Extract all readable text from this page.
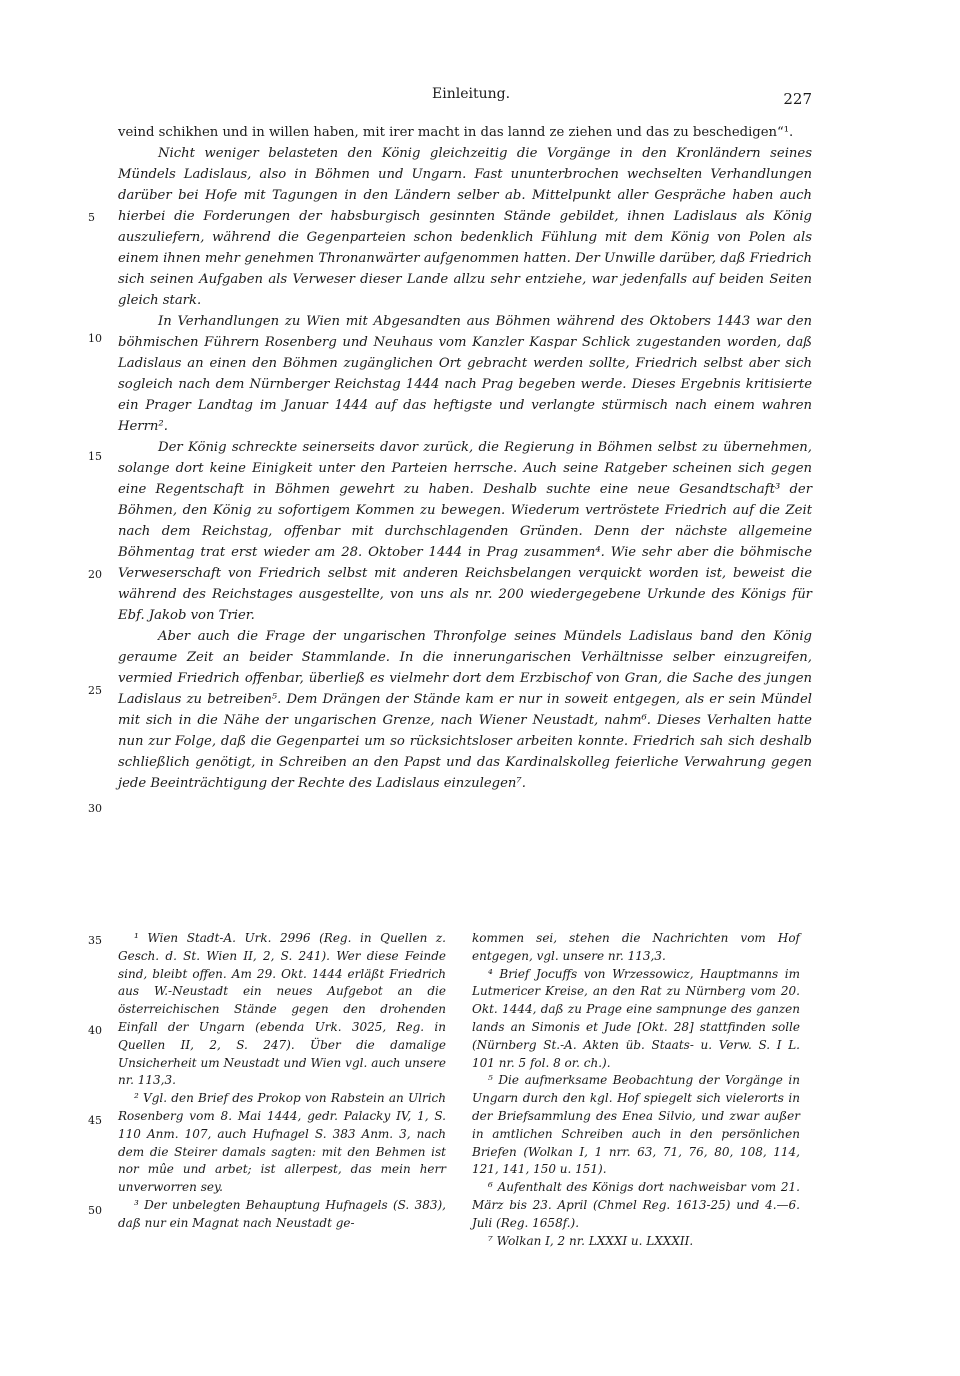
Einleitung.	227
5
10
15
20
25
30

veind schikhen und in willen haben, mit irer macht in das lannd ze ziehen und das zu beschedigen“¹.

Nicht weniger belasteten den König gleichzeitig die Vorgänge in den Kronländern seines Mündels Ladislaus, also in Böhmen und Ungarn. Fast ununterbrochen wechselten Verhandlungen darüber bei Hofe mit Tagungen in den Ländern selber ab. Mittelpunkt aller Gespräche haben auch hierbei die Forderungen der habsburgisch gesinnten Stände gebildet, ihnen Ladislaus als König auszuliefern, während die Gegenparteien schon bedenklich Fühlung mit dem König von Polen als einem ihnen mehr genehmen Thronanwärter aufgenommen hatten. Der Unwille darüber, daß Friedrich sich seinen Aufgaben als Verweser dieser Lande allzu sehr entziehe, war jedenfalls auf beiden Seiten gleich stark.

In Verhandlungen zu Wien mit Abgesandten aus Böhmen während des Oktobers 1443 war den böhmischen Führern Rosenberg und Neuhaus vom Kanzler Kaspar Schlick zugestanden worden, daß Ladislaus an einen den Böhmen zugänglichen Ort gebracht werden sollte, Friedrich selbst aber sich sogleich nach dem Nürnberger Reichstag 1444 nach Prag begeben werde. Dieses Ergebnis kritisierte ein Prager Landtag im Januar 1444 auf das heftigste und verlangte stürmisch nach einem wahren Herrn².

Der König schreckte seinerseits davor zurück, die Regierung in Böhmen selbst zu übernehmen, solange dort keine Einigkeit unter den Parteien herrsche. Auch seine Ratgeber scheinen sich gegen eine Regentschaft in Böhmen gewehrt zu haben. Deshalb suchte eine neue Gesandtschaft³ der Böhmen, den König zu sofortigem Kommen zu bewegen. Wiederum vertröstete Friedrich auf die Zeit nach dem Reichstag, offenbar mit durchschlagenden Gründen. Denn der nächste allgemeine Böhmentag trat erst wieder am 28. Oktober 1444 in Prag zusammen⁴. Wie sehr aber die böhmische Verweserschaft von Friedrich selbst mit anderen Reichsbelangen verquickt worden ist, beweist die während des Reichstages ausgestellte, von uns als nr. 200 wiedergegebene Urkunde des Königs für Ebf. Jakob von Trier.

Aber auch die Frage der ungarischen Thronfolge seines Mündels Ladislaus band den König geraume Zeit an beider Stammlande. In die innerungarischen Verhältnisse selber einzugreifen, vermied Friedrich offenbar, überließ es vielmehr dort dem Erzbischof von Gran, die Sache des jungen Ladislaus zu betreiben⁵. Dem Drängen der Stände kam er nur in soweit entgegen, als er sein Mündel mit sich in die Nähe der ungarischen Grenze, nach Wiener Neustadt, nahm⁶. Dieses Verhalten hatte nun zur Folge, daß die Gegenpartei um so rücksichtsloser arbeiten konnte. Friedrich sah sich deshalb schließlich genötigt, in Schreiben an den Papst und das Kardinalskolleg feierliche Verwahrung gegen jede Beeinträchtigung der Rechte des Ladislaus einzulegen⁷.

35
40
45
50

¹ Wien Stadt-A. Urk. 2996 (Reg. in Quellen z. Gesch. d. St. Wien II, 2, S. 241). Wer diese Feinde sind, bleibt offen. Am 29. Okt. 1444 erläßt Friedrich aus W.-Neustadt ein neues Aufgebot an die österreichischen Stände gegen den drohenden Einfall der Ungarn (ebenda Urk. 3025, Reg. in Quellen II, 2, S. 247). Über die damalige Unsicherheit um Neustadt und Wien vgl. auch unsere nr. 113,3.

² Vgl. den Brief des Prokop von Rabstein an Ulrich Rosenberg vom 8. Mai 1444, gedr. Palacky IV, 1, S. 110 Anm. 107, auch Hufnagel S. 383 Anm. 3, nach dem die Steirer damals sagten: mit den Behmen ist nor mûe und arbet; ist allerpest, das mein herr unverworren sey.

³ Der unbelegten Behauptung Hufnagels (S. 383), daß nur ein Magnat nach Neustadt ge-

kommen sei, stehen die Nachrichten vom Hof entgegen, vgl. unsere nr. 113,3.

⁴ Brief Jocuffs von Wrzessowicz, Hauptmanns im Lutmericer Kreise, an den Rat zu Nürnberg vom 20. Okt. 1444, daß zu Prage eine sampnunge des ganzen lands an Simonis et Jude [Okt. 28] stattfinden solle (Nürnberg St.-A. Akten üb. Staats- u. Verw. S. I L. 101 nr. 5 fol. 8 or. ch.).

⁵ Die aufmerksame Beobachtung der Vorgänge in Ungarn durch den kgl. Hof spiegelt sich vielerorts in der Briefsammlung des Enea Silvio, und zwar außer in amtlichen Schreiben auch in den persönlichen Briefen (Wolkan I, 1 nrr. 63, 71, 76, 80, 108, 114, 121, 141, 150 u. 151).

⁶ Aufenthalt des Königs dort nachweisbar vom 21. März bis 23. April (Chmel Reg. 1613-25) und 4.—6. Juli (Reg. 1658f.).

⁷ Wolkan I, 2 nr. LXXXI u. LXXXII.
